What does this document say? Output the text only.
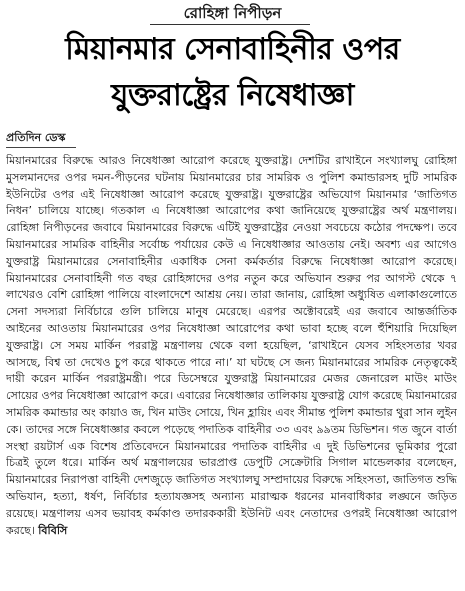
রোহিঙ্গা নিপীড়ন
মিয়ানমার সেনাবাহিনীর ওপর
যুক্তরাষ্ট্রের নিষেধাজ্ঞা
প্রতিদিন ডেস্ক
মিয়ানমারের বিরুদ্ধে আরও নিষেধাজ্ঞা আরোপ করেছে যুক্তরাষ্ট্র। দেশটির রাখাইনে সংখ্যালঘু রোহিঙ্গা মুসলমানদের ওপর দমন-পীড়নের ঘটনায় মিয়ানমারের চার সামরিক ও পুলিশ কমান্ডারসহ দুটি সামরিক ইউনিটের ওপর এই নিষেধাজ্ঞা আরোপ করেছে যুক্তরাষ্ট্র। যুক্তরাষ্ট্রের অভিযোগ মিয়ানমার ‘জাতিগত নিধন’ চালিয়ে যাচ্ছে। গতকাল এ নিষেধাজ্ঞা আরোপের কথা জানিয়েছে যুক্তরাষ্ট্রের অর্থ মন্ত্রণালয়। রোহিঙ্গা নিপীড়নের জবাবে মিয়ানমারের বিরুদ্ধে এটিই যুক্তরাষ্ট্রের নেওয়া সবচেয়ে কঠোর পদক্ষেপ। তবে মিয়ানমারের সামরিক বাহিনীর সর্বোচ্চ পর্যায়ের কেউ এ নিষেধাজ্ঞার আওতায় নেই। অবশ্য এর আগেও যুক্তরাষ্ট্র মিয়ানমারের সেনাবাহিনীর একাধিক সেনা কর্মকর্তার বিরুদ্ধে নিষেধাজ্ঞা আরোপ করেছে। মিয়ানমারের সেনাবাহিনী গত বছর রোহিঙ্গাদের ওপর নতুন করে অভিযান শুরুর পর আগস্ট থেকে ৭ লাখেরও বেশি রোহিঙ্গা পালিয়ে বাংলাদেশে আশ্রয় নেয়। তারা জানায়, রোহিঙ্গা অধ্যুষিত এলাকাগুলোতে সেনা সদস্যরা নির্বিচারে গুলি চালিয়ে মানুষ মেরেছে। এরপর অক্টোবরেই এর জবাবে আন্তর্জাতিক আইনের আওতায় মিয়ানমারের ওপর নিষেধাজ্ঞা আরোপের কথা ভাবা হচ্ছে বলে হুঁশিয়ারি দিয়েছিল যুক্তরাষ্ট্র। সে সময় মার্কিন পররাষ্ট্র মন্ত্রণালয় থেকে বলা হয়েছিল, ‘রাখাইনে যেসব সহিংসতার খবর আসছে, বিশ্ব তা দেখেও চুপ করে থাকতে পারে না।’ যা ঘটছে সে জন্য মিয়ানমারের সামরিক নেতৃত্বকেই দায়ী করেন মার্কিন পররাষ্ট্রমন্ত্রী। পরে ডিসেম্বরে যুক্তরাষ্ট্র মিয়ানমারের মেজর জেনারেল মাউং মাউং সোয়ের ওপর নিষেধাজ্ঞা আরোপ করে। এবারের নিষেধাজ্ঞার তালিকায় যুক্তরাষ্ট্র যোগ করেছে মিয়ানমারের সামরিক কমান্ডার অং কায়াও জ, খিন মাউং সোয়ে, খিন হ্লায়িং এবং সীমান্ত পুলিশ কমান্ডার থুরা সান লুইন কে। তাদের সঙ্গে নিষেধাজ্ঞার কবলে পড়েছে পদাতিক বাহিনীর ৩৩ এবং ৯৯তম ডিভিশন। গত জুনে বার্তা সংস্থা রয়টার্স এক বিশেষ প্রতিবেদনে মিয়ানমারের পদাতিক বাহিনীর এ দুই ডিভিশনের ভূমিকার পুরো চিত্রই তুলে ধরে। মার্কিন অর্থ মন্ত্রণালয়ের ভারপ্রাপ্ত ডেপুটি সেক্রেটারি সিগাল মান্ডেলকার বলেছেন, মিয়ানমারের নিরাপত্তা বাহিনী দেশজুড়ে জাতিগত সংখ্যালঘু সম্প্রদায়ের বিরুদ্ধে সহিংসতা, জাতিগত শুদ্ধি অভিযান, হত্যা, ধর্ষণ, নির্বিচার হত্যাযজ্ঞসহ অন্যান্য মারাত্মক ধরনের মানবাধিকার লঙ্ঘনে জড়িত রয়েছে। মন্ত্রণালয় এসব ভয়াবহ কর্মকাণ্ড তদারককারী ইউনিট এবং নেতাদের ওপরই নিষেধাজ্ঞা আরোপ করছে। বিবিসি
